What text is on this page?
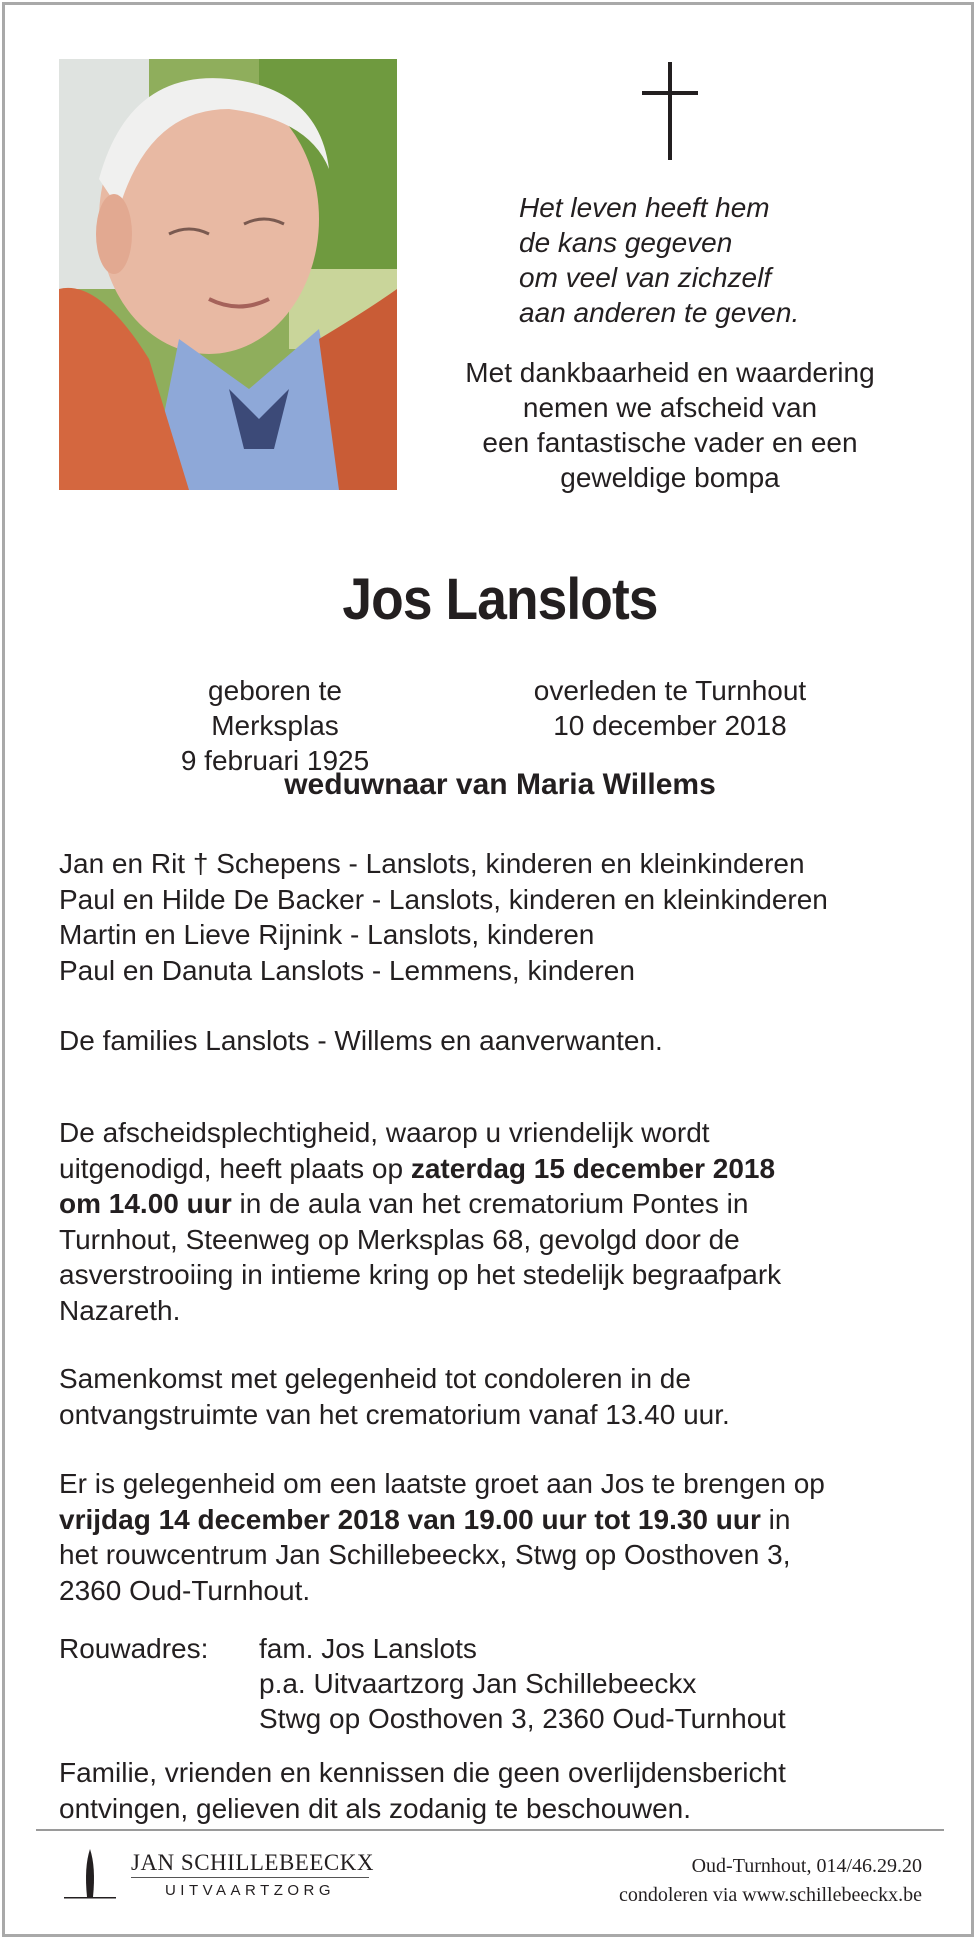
Het leven heeft hem
de kans gegeven
om veel van zichzelf
aan anderen te geven.
Met dankbaarheid en waardering
nemen we afscheid van
een fantastische vader en een
geweldige bompa
Jos Lanslots
geboren te Merksplas
9 februari 1925
overleden te Turnhout
10 december 2018
weduwnaar van Maria Willems
Jan en Rit † Schepens - Lanslots, kinderen en kleinkinderen
Paul en Hilde De Backer - Lanslots, kinderen en kleinkinderen
Martin en Lieve Rijnink - Lanslots, kinderen
Paul en Danuta Lanslots - Lemmens, kinderen
De families Lanslots - Willems en aanverwanten.
De afscheidsplechtigheid, waarop u vriendelijk wordt
uitgenodigd, heeft plaats op zaterdag 15 december 2018
om 14.00 uur in de aula van het crematorium Pontes in
Turnhout, Steenweg op Merksplas 68, gevolgd door de
asverstrooiing in intieme kring op het stedelijk begraafpark
Nazareth.
Samenkomst met gelegenheid tot condoleren in de
ontvangstruimte van het crematorium vanaf 13.40 uur.
Er is gelegenheid om een laatste groet aan Jos te brengen op
vrijdag 14 december 2018 van 19.00 uur tot 19.30 uur in
het rouwcentrum Jan Schillebeeckx, Stwg op Oosthoven 3,
2360 Oud-Turnhout.
Rouwadres: fam. Jos Lanslots
p.a. Uitvaartzorg Jan Schillebeeckx
Stwg op Oosthoven 3, 2360 Oud-Turnhout
Familie, vrienden en kennissen die geen overlijdensbericht
ontvingen, gelieven dit als zodanig te beschouwen.
JAN SCHILLEBEECKX
UITVAARTZORG
Oud-Turnhout, 014/46.29.20
condoleren via www.schillebeeckx.be
